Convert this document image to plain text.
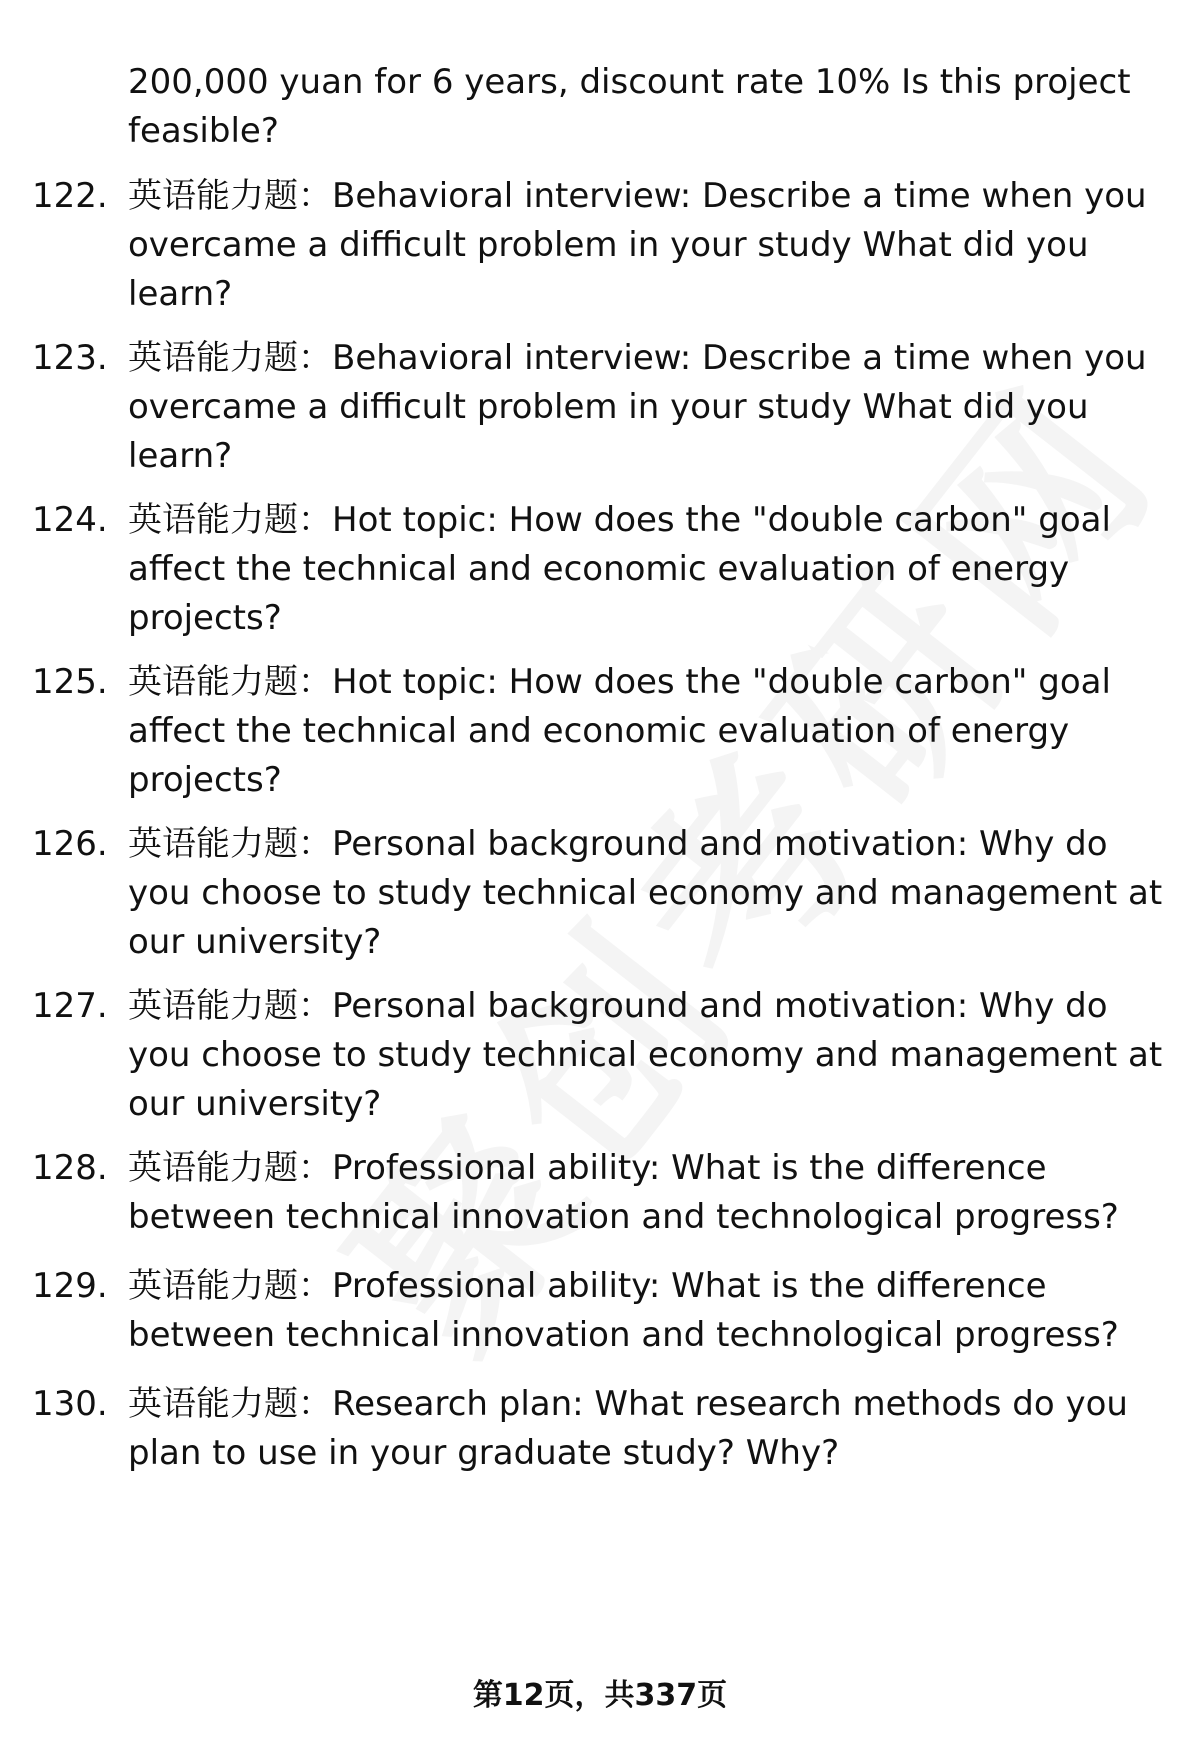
200,000 yuan for 6 years, discount rate 10% Is this project feasible?
122. 英语能力题：Behavioral interview: Describe a time when you overcame a difficult problem in your study What did you learn?
123. 英语能力题：Behavioral interview: Describe a time when you overcame a difficult problem in your study What did you learn?
124. 英语能力题：Hot topic: How does the "double carbon" goal affect the technical and economic evaluation of energy projects?
125. 英语能力题：Hot topic: How does the "double carbon" goal affect the technical and economic evaluation of energy projects?
126. 英语能力题：Personal background and motivation: Why do you choose to study technical economy and management at our university?
127. 英语能力题：Personal background and motivation: Why do you choose to study technical economy and management at our university?
128. 英语能力题：Professional ability: What is the difference between technical innovation and technological progress?
129. 英语能力题：Professional ability: What is the difference between technical innovation and technological progress?
130. 英语能力题：Research plan: What research methods do you plan to use in your graduate study? Why?
第12页，共337页
